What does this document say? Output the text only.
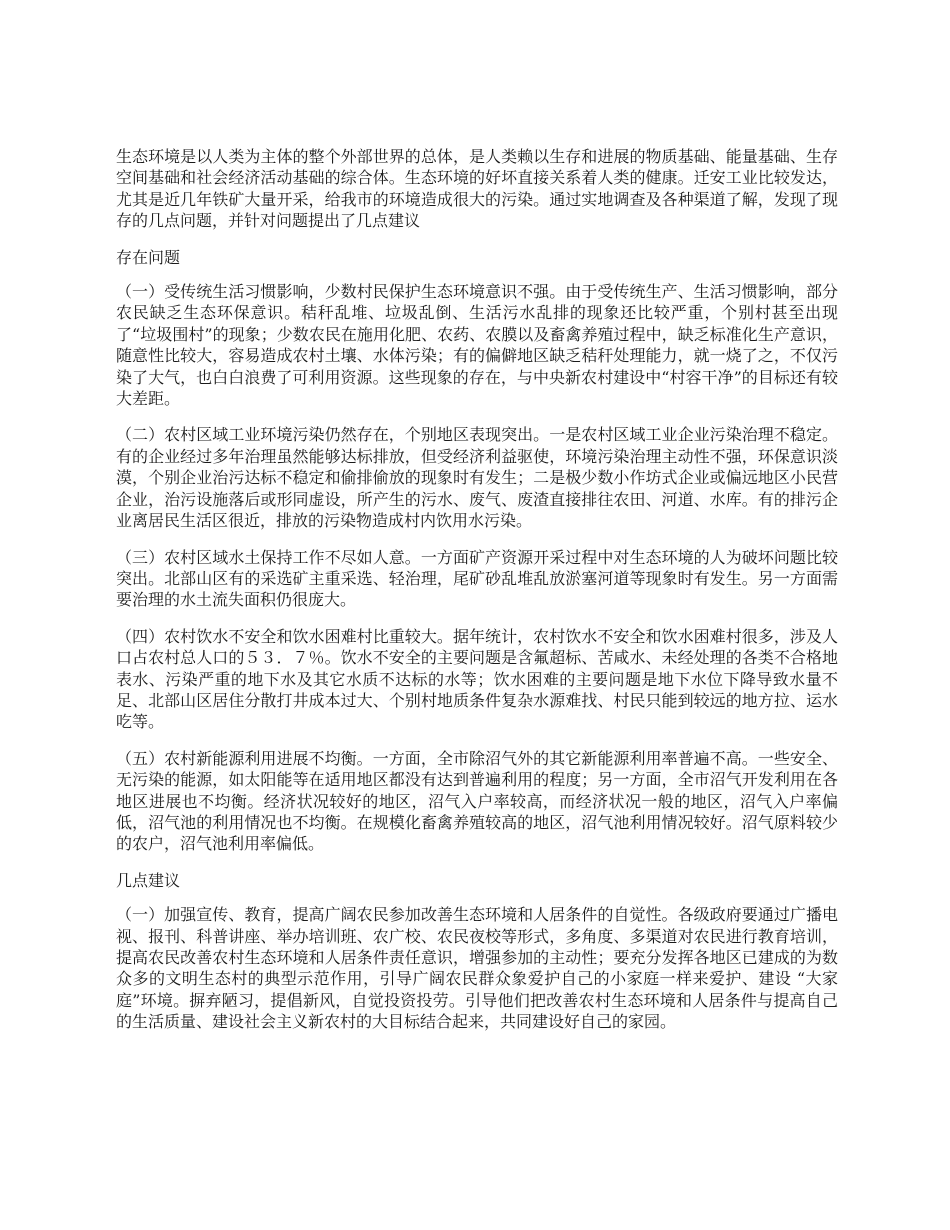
生态环境是以人类为主体的整个外部世界的总体，是人类赖以生存和进展的物质基础、能量基础、生存空间基础和社会经济活动基础的综合体。生态环境的好坏直接关系着人类的健康。迁安工业比较发达，尤其是近几年铁矿大量开采，给我市的环境造成很大的污染。通过实地调查及各种渠道了解，发现了现存的几点问题，并针对问题提出了几点建议

存在问题

（一）受传统生活习惯影响，少数村民保护生态环境意识不强。由于受传统生产、生活习惯影响，部分农民缺乏生态环保意识。秸秆乱堆、垃圾乱倒、生活污水乱排的现象还比较严重，个别村甚至出现了“垃圾围村”的现象；少数农民在施用化肥、农药、农膜以及畜禽养殖过程中，缺乏标准化生产意识，随意性比较大，容易造成农村土壤、水体污染；有的偏僻地区缺乏秸秆处理能力，就一烧了之，不仅污染了大气，也白白浪费了可利用资源。这些现象的存在，与中央新农村建设中“村容干净”的目标还有较大差距。

（二）农村区域工业环境污染仍然存在，个别地区表现突出。一是农村区域工业企业污染治理不稳定。有的企业经过多年治理虽然能够达标排放，但受经济利益驱使，环境污染治理主动性不强，环保意识淡漠，个别企业治污达标不稳定和偷排偷放的现象时有发生；二是极少数小作坊式企业或偏远地区小民营企业，治污设施落后或形同虚设，所产生的污水、废气、废渣直接排往农田、河道、水库。有的排污企业离居民生活区很近，排放的污染物造成村内饮用水污染。

（三）农村区域水土保持工作不尽如人意。一方面矿产资源开采过程中对生态环境的人为破坏问题比较突出。北部山区有的采选矿主重采选、轻治理，尾矿砂乱堆乱放淤塞河道等现象时有发生。另一方面需要治理的水土流失面积仍很庞大。

（四）农村饮水不安全和饮水困难村比重较大。据年统计，农村饮水不安全和饮水困难村很多，涉及人口占农村总人口的５３．７％。饮水不安全的主要问题是含氟超标、苦咸水、未经处理的各类不合格地表水、污染严重的地下水及其它水质不达标的水等；饮水困难的主要问题是地下水位下降导致水量不足、北部山区居住分散打井成本过大、个别村地质条件复杂水源难找、村民只能到较远的地方拉、运水吃等。

（五）农村新能源利用进展不均衡。一方面，全市除沼气外的其它新能源利用率普遍不高。一些安全、无污染的能源，如太阳能等在适用地区都没有达到普遍利用的程度；另一方面，全市沼气开发利用在各地区进展也不均衡。经济状况较好的地区，沼气入户率较高，而经济状况一般的地区，沼气入户率偏低，沼气池的利用情况也不均衡。在规模化畜禽养殖较高的地区，沼气池利用情况较好。沼气原料较少的农户，沼气池利用率偏低。

几点建议

（一）加强宣传、教育，提高广阔农民参加改善生态环境和人居条件的自觉性。各级政府要通过广播电视、报刊、科普讲座、举办培训班、农广校、农民夜校等形式，多角度、多渠道对农民进行教育培训，提高农民改善农村生态环境和人居条件责任意识，增强参加的主动性；要充分发挥各地区已建成的为数众多的文明生态村的典型示范作用，引导广阔农民群众象爱护自己的小家庭一样来爱护、建设 “大家庭”环境。摒弃陋习，提倡新风，自觉投资投劳。引导他们把改善农村生态环境和人居条件与提高自己的生活质量、建设社会主义新农村的大目标结合起来，共同建设好自己的家园。
